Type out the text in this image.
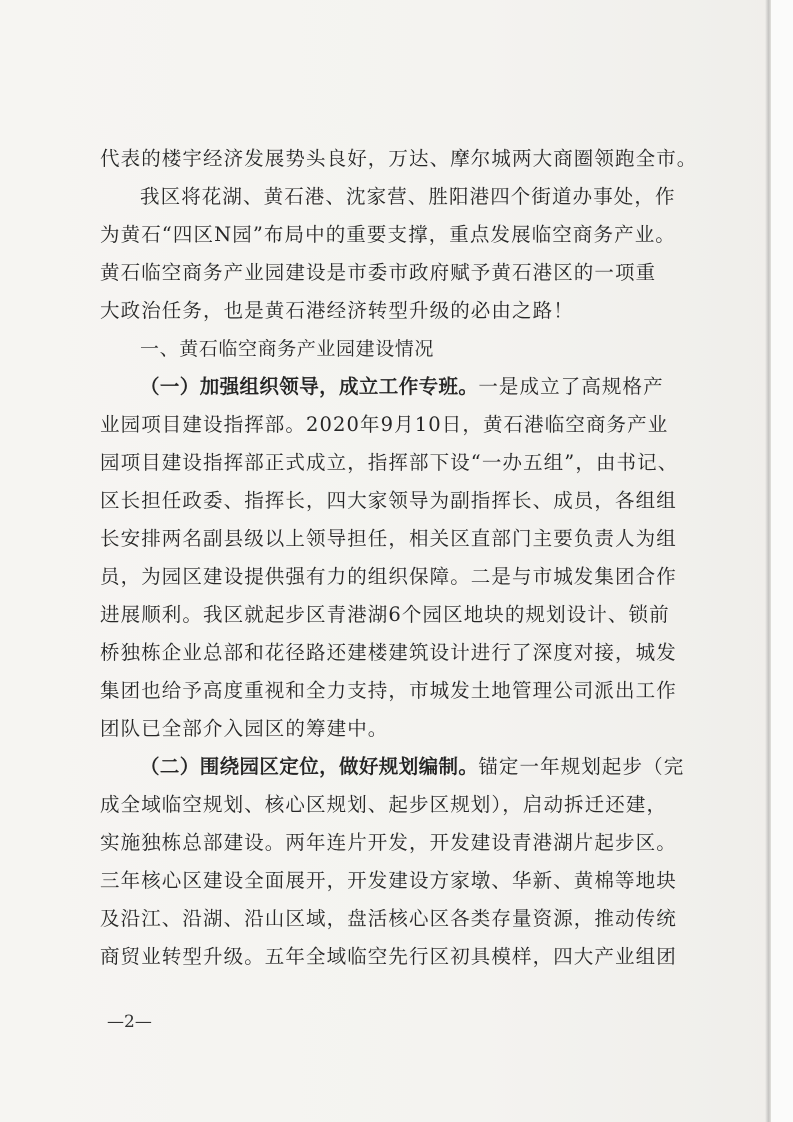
代表的楼宇经济发展势头良好，万达、摩尔城两大商圈领跑全市。
我区将花湖、黄石港、沈家营、胜阳港四个街道办事处，作
为黄石“四区N园”布局中的重要支撑，重点发展临空商务产业。
黄石临空商务产业园建设是市委市政府赋予黄石港区的一项重
大政治任务，也是黄石港经济转型升级的必由之路！
一、黄石临空商务产业园建设情况
（一）加强组织领导，成立工作专班。一是成立了高规格产
业园项目建设指挥部。2020年9月10日，黄石港临空商务产业
园项目建设指挥部正式成立，指挥部下设“一办五组”，由书记、
区长担任政委、指挥长，四大家领导为副指挥长、成员，各组组
长安排两名副县级以上领导担任，相关区直部门主要负责人为组
员，为园区建设提供强有力的组织保障。二是与市城发集团合作
进展顺利。我区就起步区青港湖6个园区地块的规划设计、锁前
桥独栋企业总部和花径路还建楼建筑设计进行了深度对接，城发
集团也给予高度重视和全力支持，市城发土地管理公司派出工作
团队已全部介入园区的筹建中。
（二）围绕园区定位，做好规划编制。锚定一年规划起步（完
成全域临空规划、核心区规划、起步区规划），启动拆迁还建，
实施独栋总部建设。两年连片开发，开发建设青港湖片起步区。
三年核心区建设全面展开，开发建设方家墩、华新、黄棉等地块
及沿江、沿湖、沿山区域，盘活核心区各类存量资源，推动传统
商贸业转型升级。五年全域临空先行区初具模样，四大产业组团
—2—
